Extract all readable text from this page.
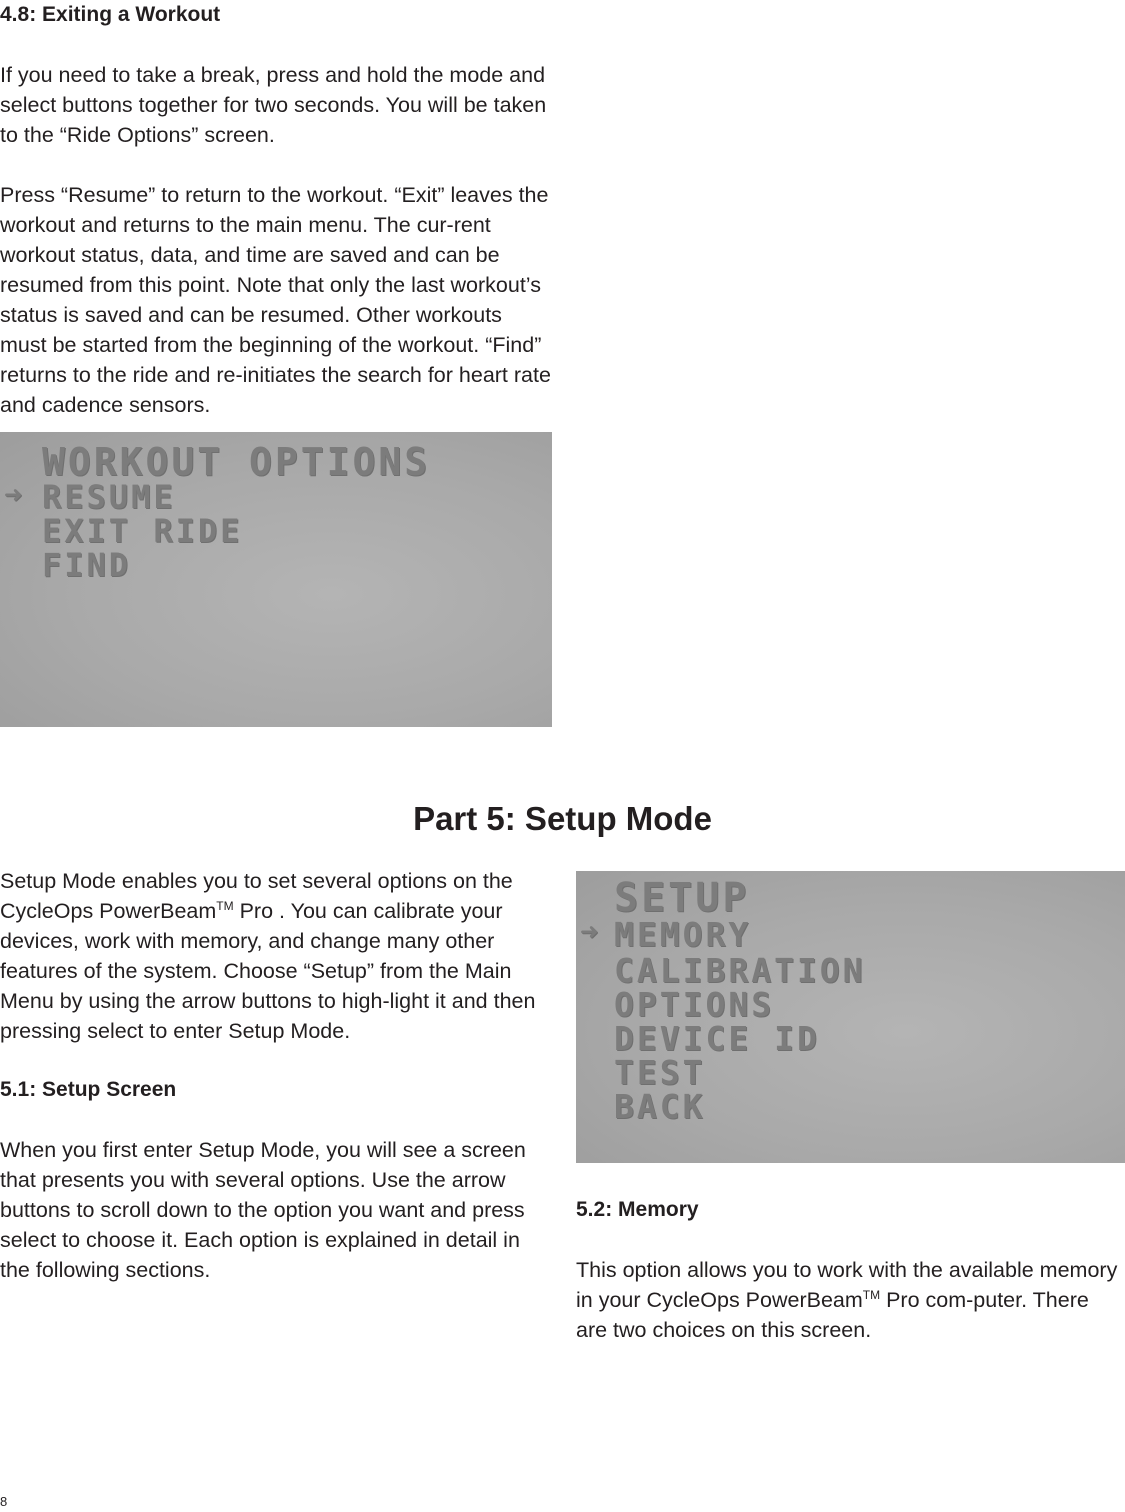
4.8: Exiting a Workout

If you need to take a break, press and hold the mode and select buttons together for two seconds. You will be taken to the “Ride Options” screen.

Press “Resume” to return to the workout. “Exit” leaves the workout and returns to the main menu. The cur-rent workout status, data, and time are saved and can be resumed from this point. Note that only the last workout’s status is saved and can be resumed. Other workouts must be started from the beginning of the workout. “Find” returns to the ride and re-initiates the search for heart rate and cadence sensors.

WORKOUT OPTIONS
➜ RESUME
EXIT RIDE
FIND
Part 5: Setup Mode

Setup Mode enables you to set several options on the CycleOps PowerBeam™ Pro . You can calibrate your devices, work with memory, and change many other features of the system. Choose “Setup” from the Main Menu by using the arrow buttons to high-light it and then pressing select to enter Setup Mode.

5.1: Setup Screen

When you first enter Setup Mode, you will see a screen that presents you with several options. Use the arrow buttons to scroll down to the option you want and press select to choose it. Each option is explained in detail in the following sections.

SETUP
➜ MEMORY
CALIBRATION
OPTIONS
DEVICE ID
TEST
BACK
5.2: Memory

This option allows you to work with the available memory in your CycleOps PowerBeam™ Pro com-puter. There are two choices on this screen.

8
